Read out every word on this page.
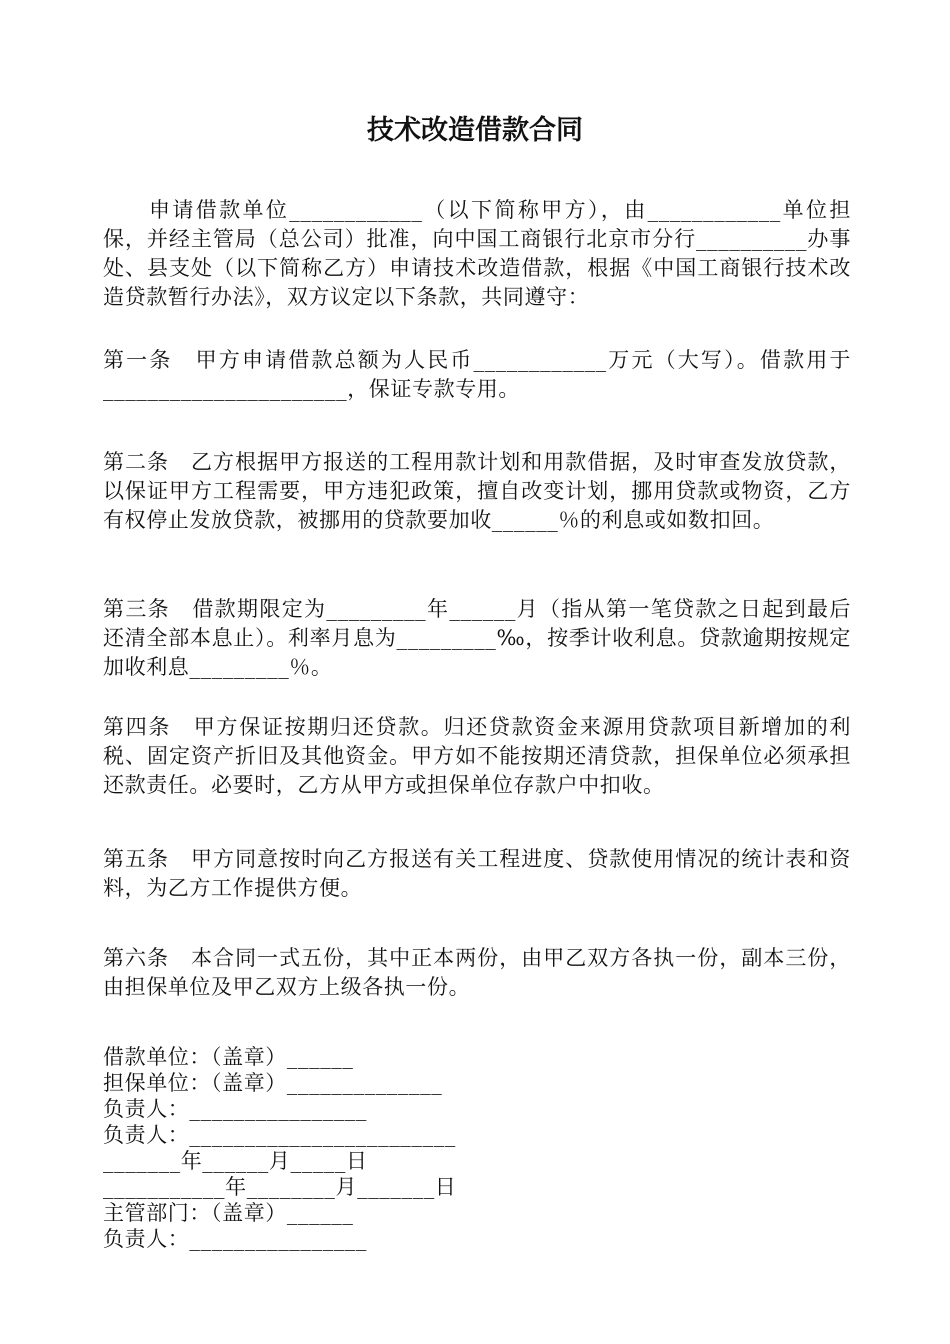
技术改造借款合同

申请借款单位____________（以下简称甲方），由____________单位担保，并经主管局（总公司）批准，向中国工商银行北京市分行__________办事处、县支处（以下简称乙方）申请技术改造借款，根据《中国工商银行技术改造贷款暂行办法》，双方议定以下条款，共同遵守：

第一条　甲方申请借款总额为人民币____________万元（大写）。借款用于______________________，保证专款专用。

第二条　乙方根据甲方报送的工程用款计划和用款借据，及时审查发放贷款，以保证甲方工程需要，甲方违犯政策，擅自改变计划，挪用贷款或物资，乙方有权停止发放贷款，被挪用的贷款要加收______％的利息或如数扣回。

第三条　借款期限定为_________年______月（指从第一笔贷款之日起到最后还清全部本息止）。利率月息为_________‰，按季计收利息。贷款逾期按规定加收利息_________％。

第四条　甲方保证按期归还贷款。归还贷款资金来源用贷款项目新增加的利税、固定资产折旧及其他资金。甲方如不能按期还清贷款，担保单位必须承担还款责任。必要时，乙方从甲方或担保单位存款户中扣收。

第五条　甲方同意按时向乙方报送有关工程进度、贷款使用情况的统计表和资料，为乙方工作提供方便。

第六条　本合同一式五份，其中正本两份，由甲乙双方各执一份，副本三份，由担保单位及甲乙双方上级各执一份。

借款单位：（盖章）______
担保单位：（盖章）______________
负责人：________________
负责人：________________________
_______年______月_____日
___________年________月_______日
主管部门：（盖章）______
负责人：________________
